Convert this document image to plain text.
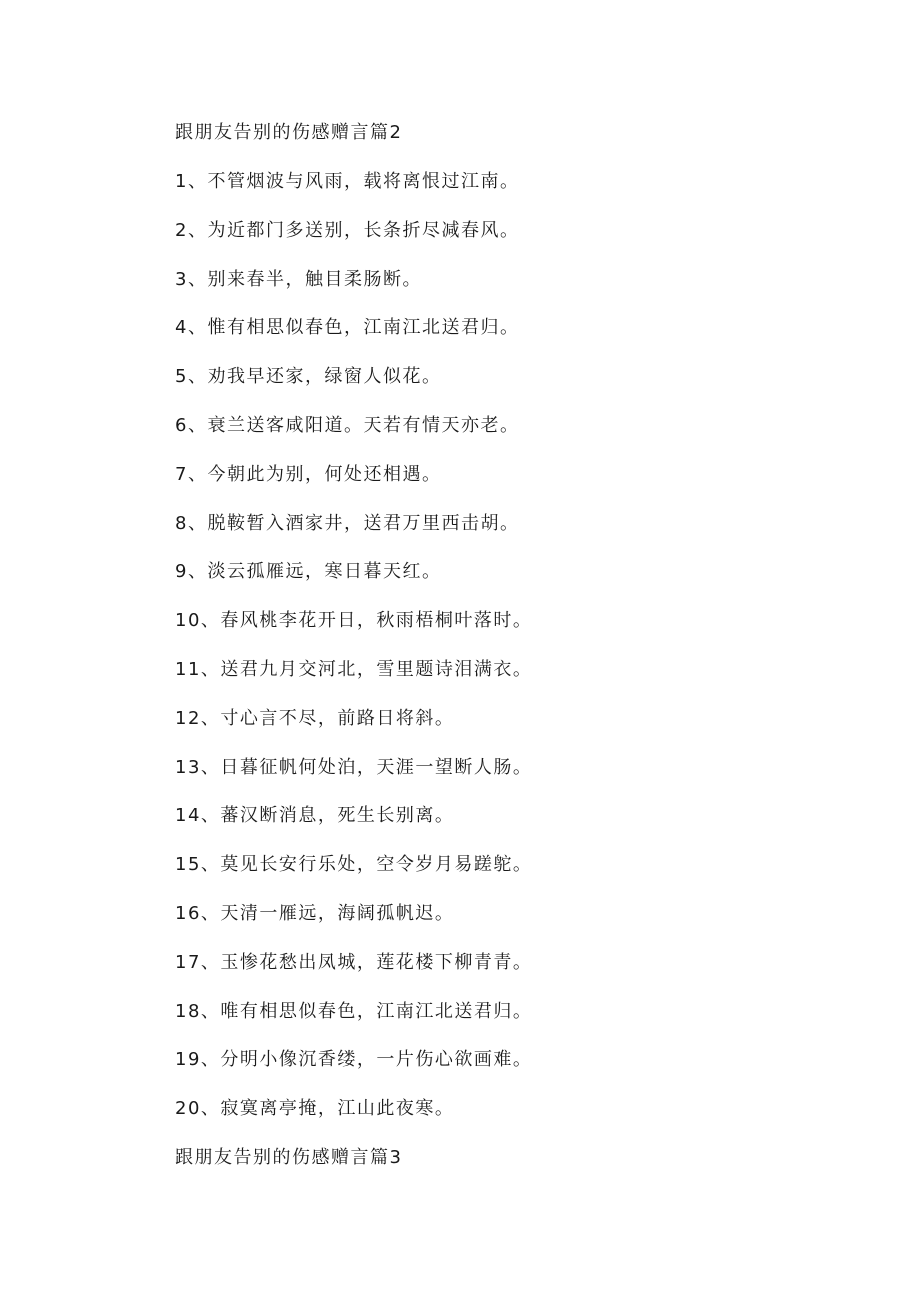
跟朋友告别的伤感赠言篇2
1、不管烟波与风雨，载将离恨过江南。
2、为近都门多送别，长条折尽减春风。
3、别来春半，触目柔肠断。
4、惟有相思似春色，江南江北送君归。
5、劝我早还家，绿窗人似花。
6、衰兰送客咸阳道。天若有情天亦老。
7、今朝此为别，何处还相遇。
8、脱鞍暂入酒家井，送君万里西击胡。
9、淡云孤雁远，寒日暮天红。
10、春风桃李花开日，秋雨梧桐叶落时。
11、送君九月交河北，雪里题诗泪满衣。
12、寸心言不尽，前路日将斜。
13、日暮征帆何处泊，天涯一望断人肠。
14、蕃汉断消息，死生长别离。
15、莫见长安行乐处，空令岁月易蹉鸵。
16、天清一雁远，海阔孤帆迟。
17、玉惨花愁出凤城，莲花楼下柳青青。
18、唯有相思似春色，江南江北送君归。
19、分明小像沉香缕，一片伤心欲画难。
20、寂寞离亭掩，江山此夜寒。
跟朋友告别的伤感赠言篇3
